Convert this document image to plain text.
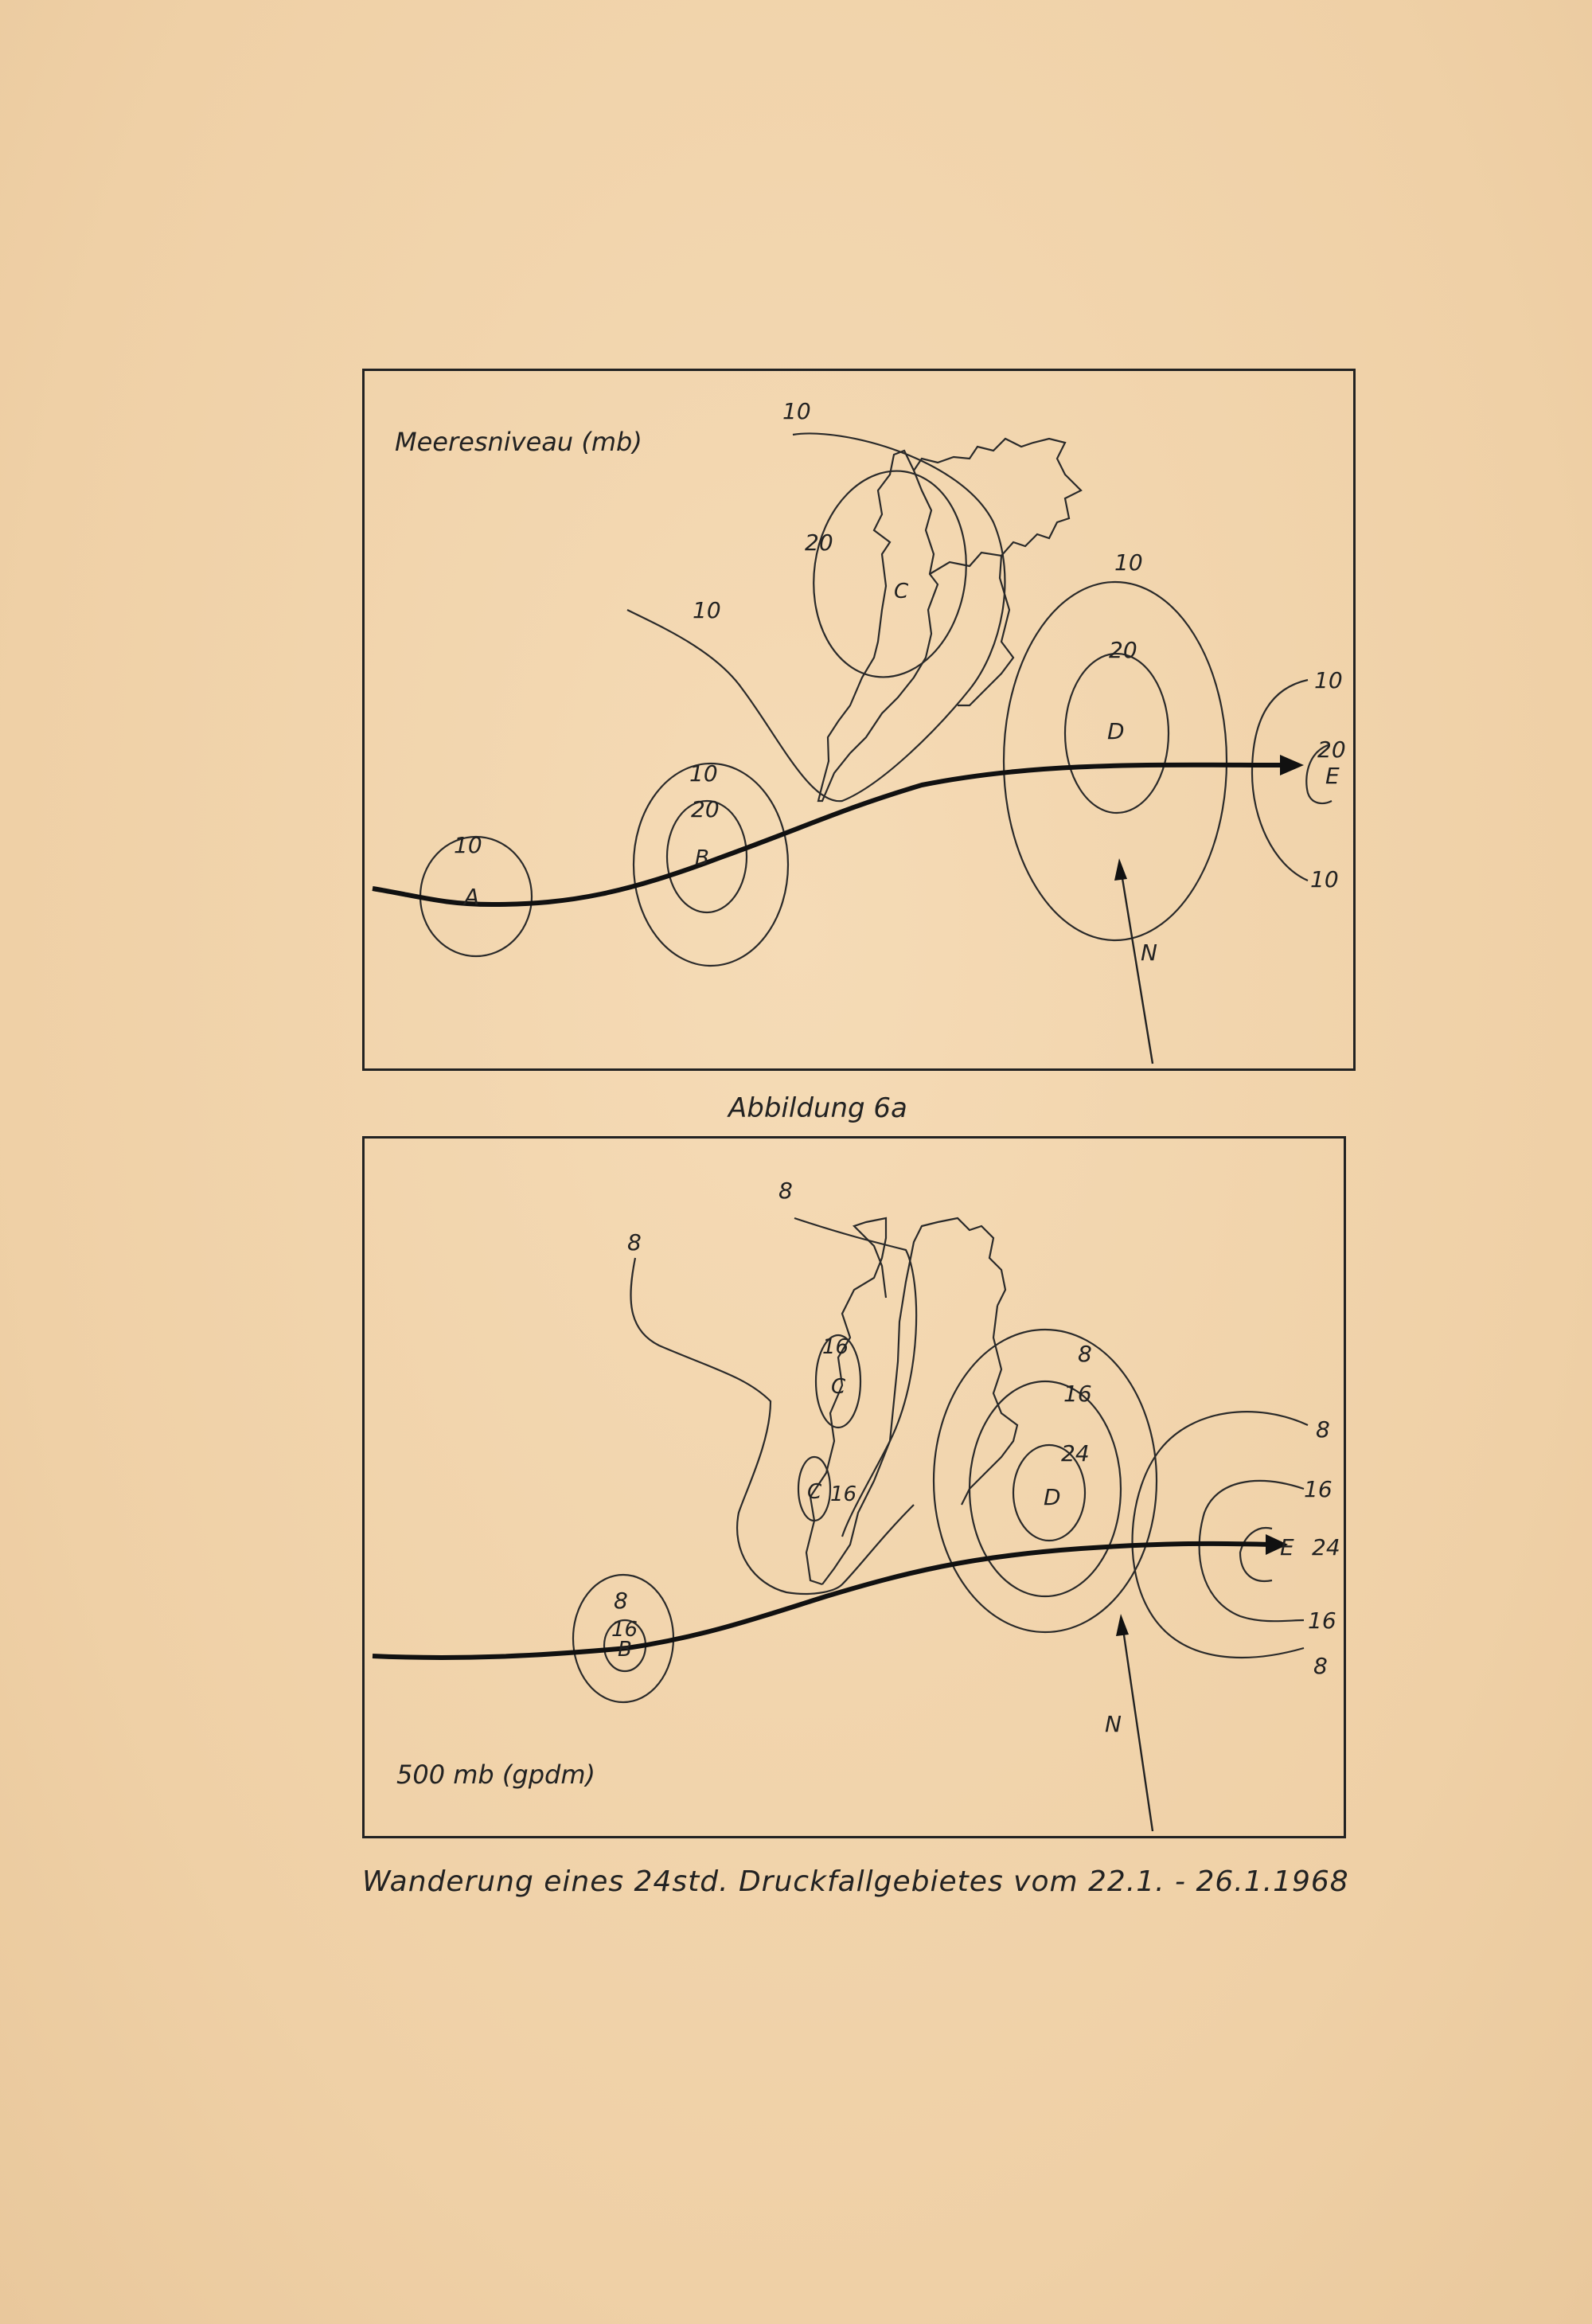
Meeresniveau (mb)
A
B
C
D
E
10
10
20
10
10
20
10
20
10
20
10
N
Abbildung 6a
500 mb (gpdm)
B
C
C	D
E
8
16
8
8
16
16
8
16
24
8
16
24
16
8
N
Wanderung eines 24std. Druckfallgebietes vom 22.1. - 26.1.1968
